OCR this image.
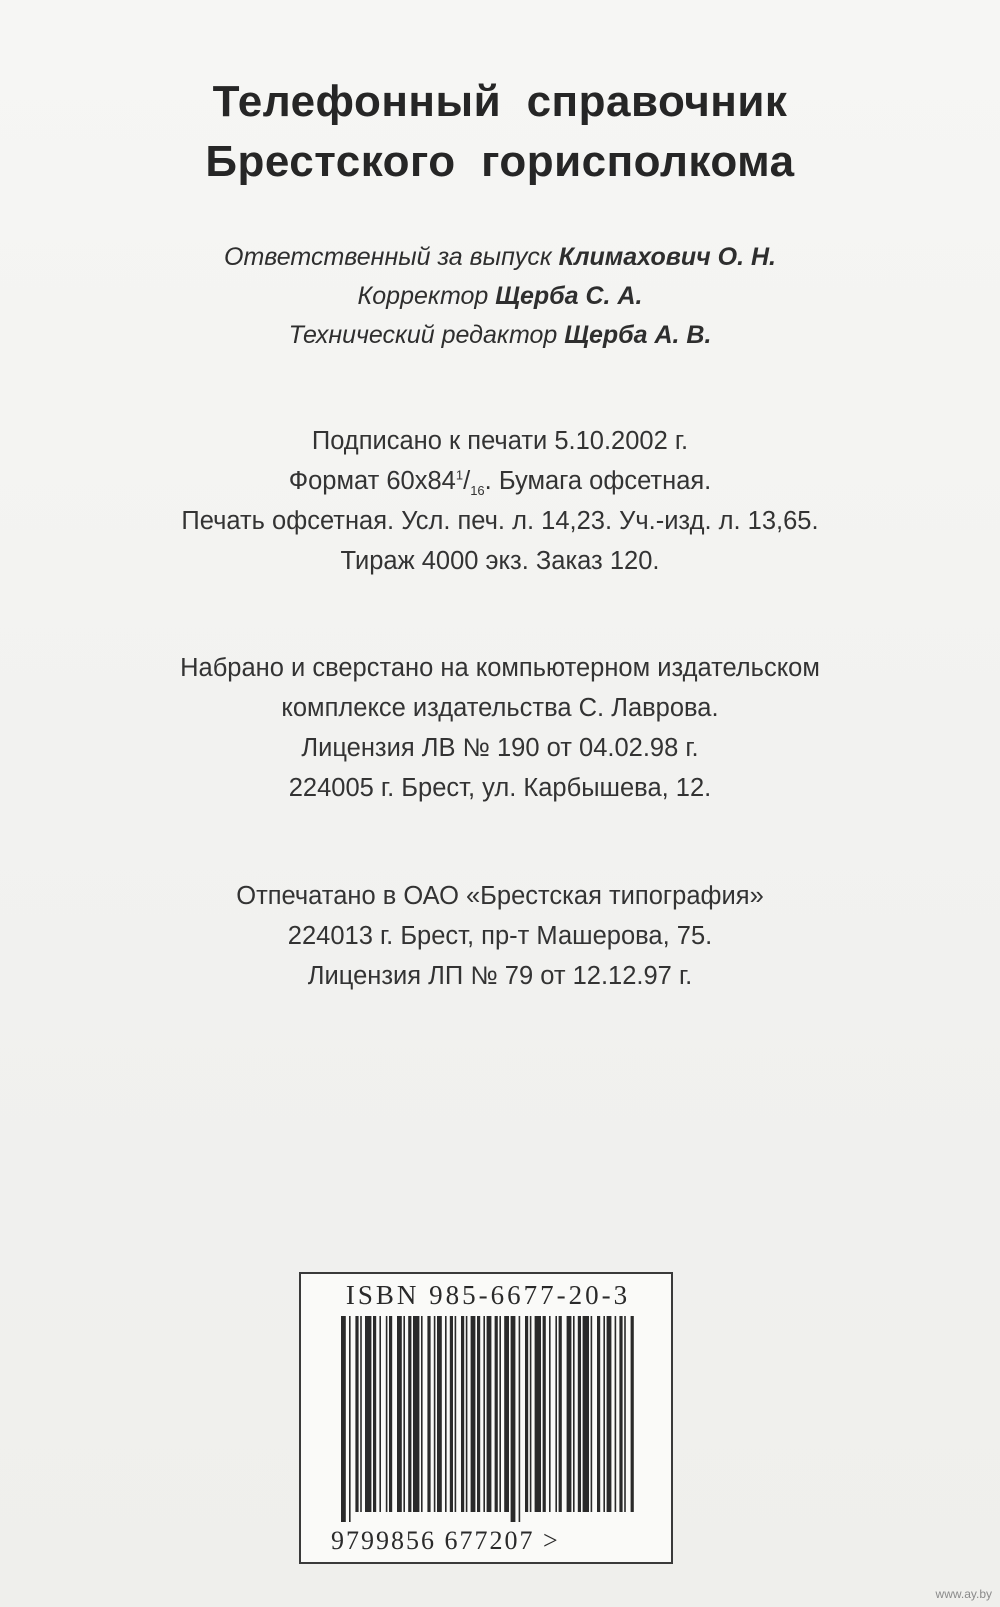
Телефонный  справочник
Брестского  горисполкома
Ответственный за выпуск Климахович О. Н.
Корректор Щерба С. А.
Технический редактор Щерба А. В.
Подписано к печати 5.10.2002 г.
Формат $60x84^1/_{16}$. Бумага офсетная.
Печать офсетная. Усл. печ. л. 14,23. Уч.-изд. л. 13,65.
Тираж 4000 экз. Заказ 120.
Набрано и сверстано на компьютерном издательском
комплексе издательства С. Лаврова.
Лицензия ЛВ № 190 от 04.02.98 г.
224005 г. Брест, ул. Карбышева, 12.
Отпечатано в ОАО «Брестская типография»
224013 г. Брест, пр-т Машерова, 75.
Лицензия ЛП № 79 от 12.12.97 г.
ISBN 985-6677-20-3
9799856 677207 >
www.ay.by
